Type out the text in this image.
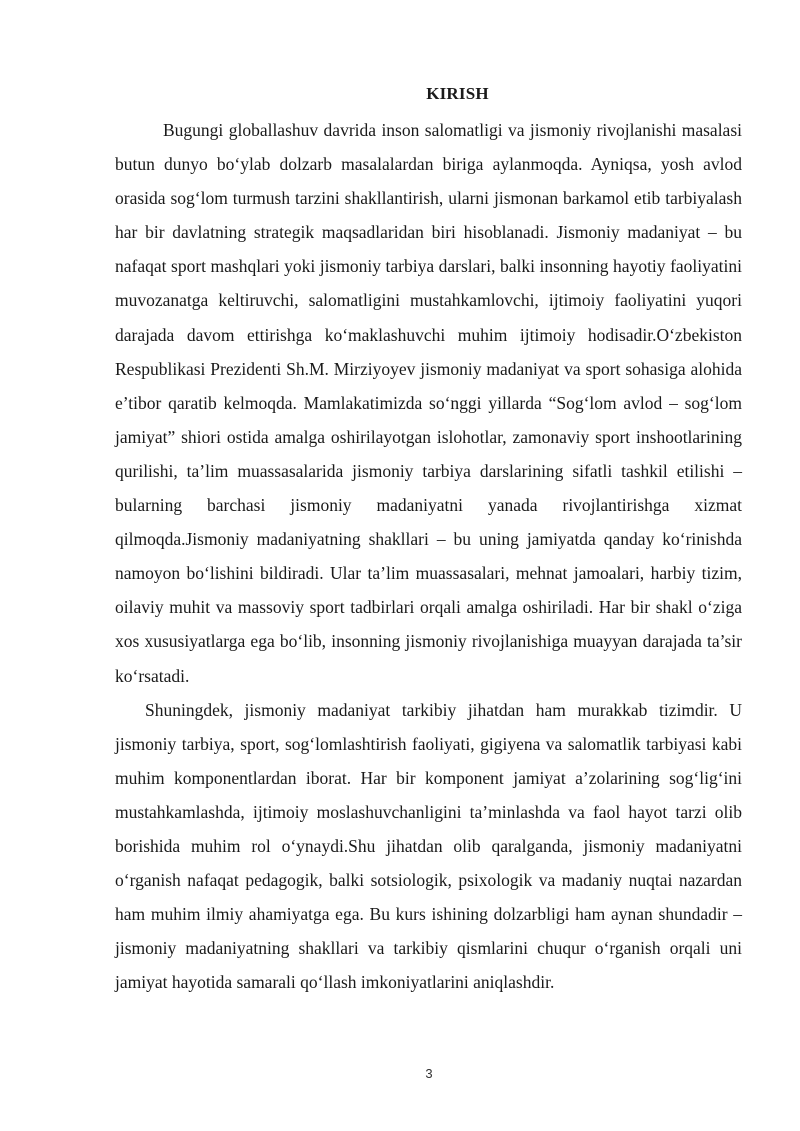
KIRISH

Bugungi globallashuv davrida inson salomatligi va jismoniy rivojlanishi masalasi butun dunyo bo‘ylab dolzarb masalalardan biriga aylanmoqda. Ayniqsa, yosh avlod orasida sog‘lom turmush tarzini shakllantirish, ularni jismonan barkamol etib tarbiyalash har bir davlatning strategik maqsadlaridan biri hisoblanadi. Jismoniy madaniyat – bu nafaqat sport mashqlari yoki jismoniy tarbiya darslari, balki insonning hayotiy faoliyatini muvozanatga keltiruvchi, salomatligini mustahkamlovchi, ijtimoiy faoliyatini yuqori darajada davom ettirishga ko‘maklashuvchi muhim ijtimoiy hodisadir.O‘zbekiston Respublikasi Prezidenti Sh.M. Mirziyoyev jismoniy madaniyat va sport sohasiga alohida e’tibor qaratib kelmoqda. Mamlakatimizda so‘nggi yillarda “Sog‘lom avlod – sog‘lom jamiyat” shiori ostida amalga oshirilayotgan islohotlar, zamonaviy sport inshootlarining qurilishi, ta’lim muassasalarida jismoniy tarbiya darslarining sifatli tashkil etilishi – bularning barchasi jismoniy madaniyatni yanada rivojlantirishga xizmat qilmoqda.Jismoniy madaniyatning shakllari – bu uning jamiyatda qanday ko‘rinishda namoyon bo‘lishini bildiradi. Ular ta’lim muassasalari, mehnat jamoalari, harbiy tizim, oilaviy muhit va massoviy sport tadbirlari orqali amalga oshiriladi. Har bir shakl o‘ziga xos xususiyatlarga ega bo‘lib, insonning jismoniy rivojlanishiga muayyan darajada ta’sir ko‘rsatadi.

Shuningdek, jismoniy madaniyat tarkibiy jihatdan ham murakkab tizimdir. U jismoniy tarbiya, sport, sog‘lomlashtirish faoliyati, gigiyena va salomatlik tarbiyasi kabi muhim komponentlardan iborat. Har bir komponent jamiyat a’zolarining sog‘lig‘ini mustahkamlashda, ijtimoiy moslashuvchanligini ta’minlashda va faol hayot tarzi olib borishida muhim rol o‘ynaydi.Shu jihatdan olib qaralganda, jismoniy madaniyatni o‘rganish nafaqat pedagogik, balki sotsiologik, psixologik va madaniy nuqtai nazardan ham muhim ilmiy ahamiyatga ega. Bu kurs ishining dolzarbligi ham aynan shundadir – jismoniy madaniyatning shakllari va tarkibiy qismlarini chuqur o‘rganish orqali uni jamiyat hayotida samarali qo‘llash imkoniyatlarini aniqlashdir.

3
